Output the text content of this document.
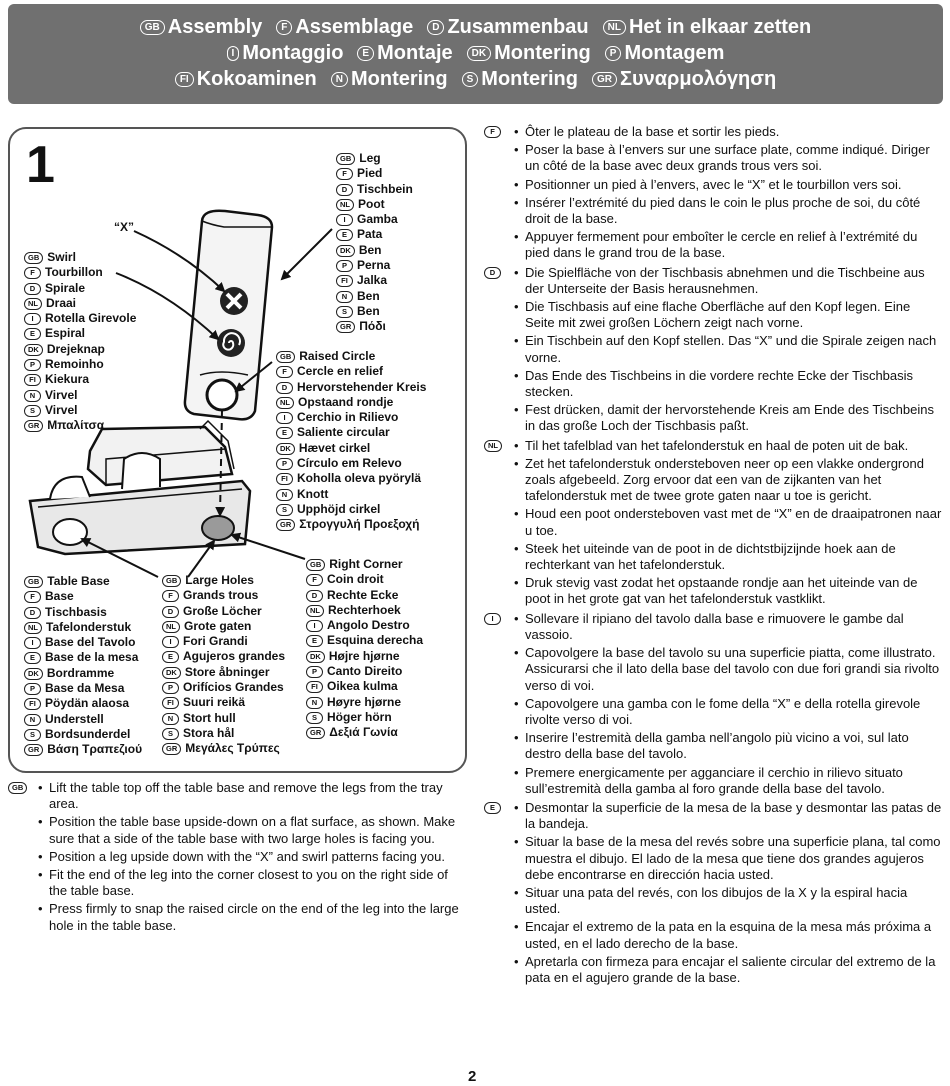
GB Assembly	F Assemblage	D Zusammenbau	NL Het in elkaar zetten
I Montaggio	E Montaje	DK Montering	P Montagem
FI Kokoaminen	N Montering	S Montering	GR Συναρμολόγηση
1
“X”
GB Leg
F Pied
D Tischbein
NL Poot
I Gamba
E Pata
DK Ben
P Perna
FI Jalka
N Ben
S Ben
GR Πόδι
GB Swirl
F Tourbillon
D Spirale
NL Draai
I Rotella Girevole
E Espiral
DK Drejeknap
P Remoinho
FI Kiekura
N Virvel
S Virvel
GR Μπαλίτσα
GB Raised Circle
F Cercle en relief
D Hervorstehender Kreis
NL Opstaand rondje
I Cerchio in Rilievo
E Saliente circular
DK Hævet cirkel
P Círculo em Relevo
FI Koholla oleva pyörylä
N Knott
S Upphöjd cirkel
GR Στρογγυλή Προεξοχή
GB Right Corner
F Coin droit
D Rechte Ecke
NL Rechterhoek
I Angolo Destro
E Esquina derecha
DK Højre hjørne
P Canto Direito
FI Oikea kulma
N Høyre hjørne
S Höger hörn
GR Δεξιά Γωνία
GB Table Base
F Base
D Tischbasis
NL Tafelonderstuk
I Base del Tavolo
E Base de la mesa
DK Bordramme
P Base da Mesa
FI Pöydän alaosa
N Understell
S Bordsunderdel
GR Βάση Τραπεζιού
GB Large Holes
F Grands trous
D Große Löcher
NL Grote gaten
I Fori Grandi
E Agujeros grandes
DK Store åbninger
P Orifícios Grandes
FI Suuri reikä
N Stort hull
S Stora hål
GR Μεγάλες Τρύπες
GB	• Lift the table top off the table base and remove the legs from the tray area.
• Position the table base upside-down on a flat surface, as shown. Make sure that a side of the table base with two large holes is facing you.
• Position a leg upside down with the “X” and swirl patterns facing you.
• Fit the end of the leg into the corner closest to you on the right side of the table base.
• Press firmly to snap the raised circle on the end of the leg into the large hole in the table base.
F	• Ôter le plateau de la base et sortir les pieds.
• Poser la base à l’envers sur une surface plate, comme indiqué. Diriger un côté de la base avec deux grands trous vers soi.
• Positionner un pied à l’envers, avec le “X” et le tourbillon vers soi.
• Insérer l’extrémité du pied dans le coin le plus proche de soi, du côté droit de la base.
• Appuyer fermement pour emboîter le cercle en relief à l’extrémité du pied dans le grand trou de la base.
D	• Die Spielfläche von der Tischbasis abnehmen und die Tischbeine aus der Unterseite der Basis herausnehmen.
• Die Tischbasis auf eine flache Oberfläche auf den Kopf legen. Eine Seite mit zwei großen Löchern zeigt nach vorne.
• Ein Tischbein auf den Kopf stellen. Das “X” und die Spirale zeigen nach vorne.
• Das Ende des Tischbeins in die vordere rechte Ecke der Tischbasis stecken.
• Fest drücken, damit der hervorstehende Kreis am Ende des Tischbeins in das große Loch der Tischbasis paßt.
NL	• Til het tafelblad van het tafelonderstuk en haal de poten uit de bak.
• Zet het tafelonderstuk ondersteboven neer op een vlakke ondergrond zoals afgebeeld. Zorg ervoor dat een van de zijkanten van het tafelonderstuk met de twee grote gaten naar u toe is gericht.
• Houd een poot ondersteboven vast met de “X” en de draaipatronen naar u toe.
• Steek het uiteinde van de poot in de dichtstbijzijnde hoek aan de rechterkant van het tafelonderstuk.
• Druk stevig vast zodat het opstaande rondje aan het uiteinde van de poot in het grote gat van het tafelonderstuk vastklikt.
I	• Sollevare il ripiano del tavolo dalla base e rimuovere le gambe dal vassoio.
• Capovolgere la base del tavolo su una superficie piatta, come illustrato. Assicurarsi che il lato della base del tavolo con due fori grandi sia rivolto verso di voi.
• Capovolgere una gamba con le fome della “X” e della rotella girevole rivolte verso di voi.
• Inserire l’estremità della gamba nell’angolo più vicino a voi, sul lato destro della base del tavolo.
• Premere energicamente per agganciare il cerchio in rilievo situato sull’estremità della gamba al foro grande della base del tavolo.
E	• Desmontar la superficie de la mesa de la base y desmontar las patas de la bandeja.
• Situar la base de la mesa del revés sobre una superficie plana, tal como muestra el dibujo. El lado de la mesa que tiene dos grandes agujeros debe encontrarse en dirección hacia usted.
• Situar una pata del revés, con los dibujos de la X y la espiral hacia usted.
• Encajar el extremo de la pata en la esquina de la mesa más próxima a usted, en el lado derecho de la base.
• Apretarla con firmeza para encajar el saliente circular del extremo de la pata en el agujero grande de la base.
2
